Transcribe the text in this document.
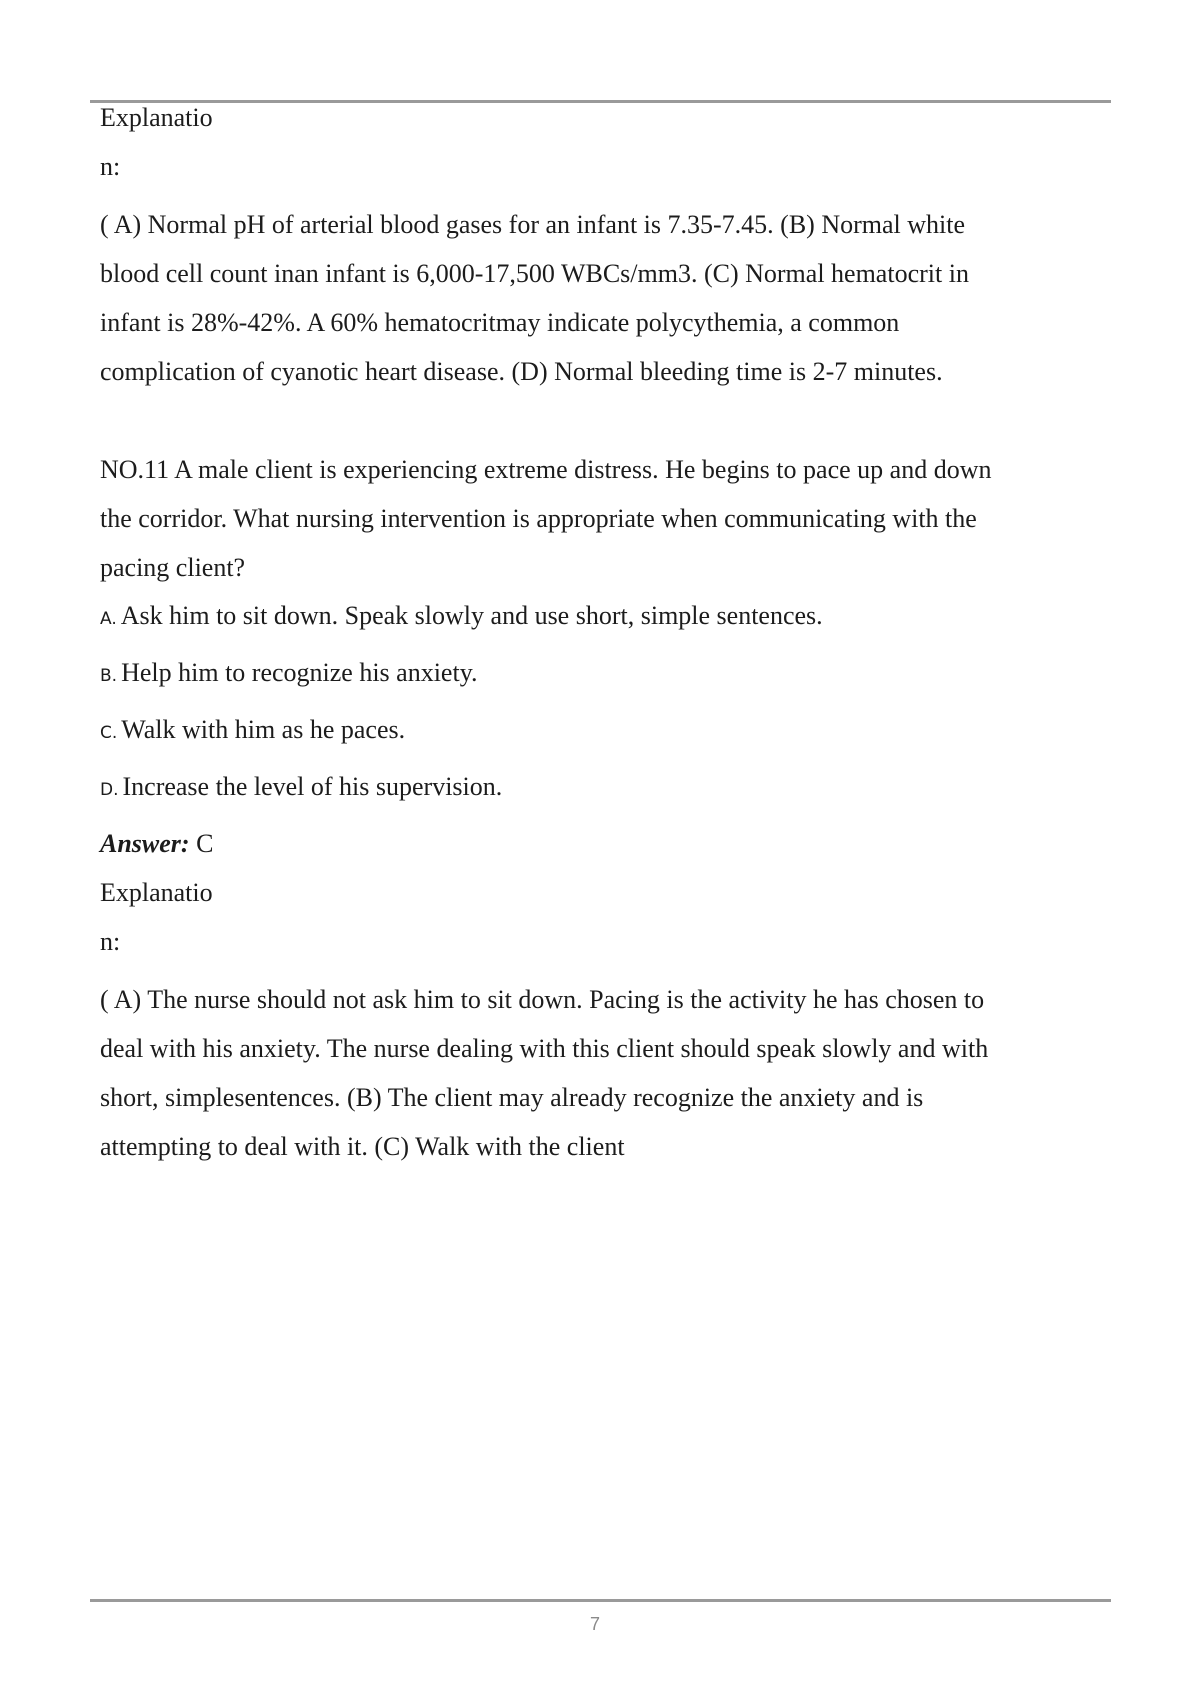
Explanatio
n:
( A) Normal pH of arterial blood gases for an infant is 7.35-7.45. (B) Normal white
blood cell count inan infant is 6,000-17,500 WBCs/mm3. (C) Normal hematocrit in
infant is 28%-42%. A 60% hematocritmay indicate polycythemia, a common
complication of cyanotic heart disease. (D) Normal bleeding time is 2-7 minutes.
NO.11 A male client is experiencing extreme distress. He begins to pace up and down
the corridor. What nursing intervention is appropriate when communicating with the
pacing client?
A. Ask him to sit down. Speak slowly and use short, simple sentences.
B. Help him to recognize his anxiety.
C. Walk with him as he paces.
D. Increase the level of his supervision.
Answer: C
Explanatio
n:
( A) The nurse should not ask him to sit down. Pacing is the activity he has chosen to
deal with his anxiety. The nurse dealing with this client should speak slowly and with
short, simplesentences. (B) The client may already recognize the anxiety and is
attempting to deal with it. (C) Walk with the client
7
